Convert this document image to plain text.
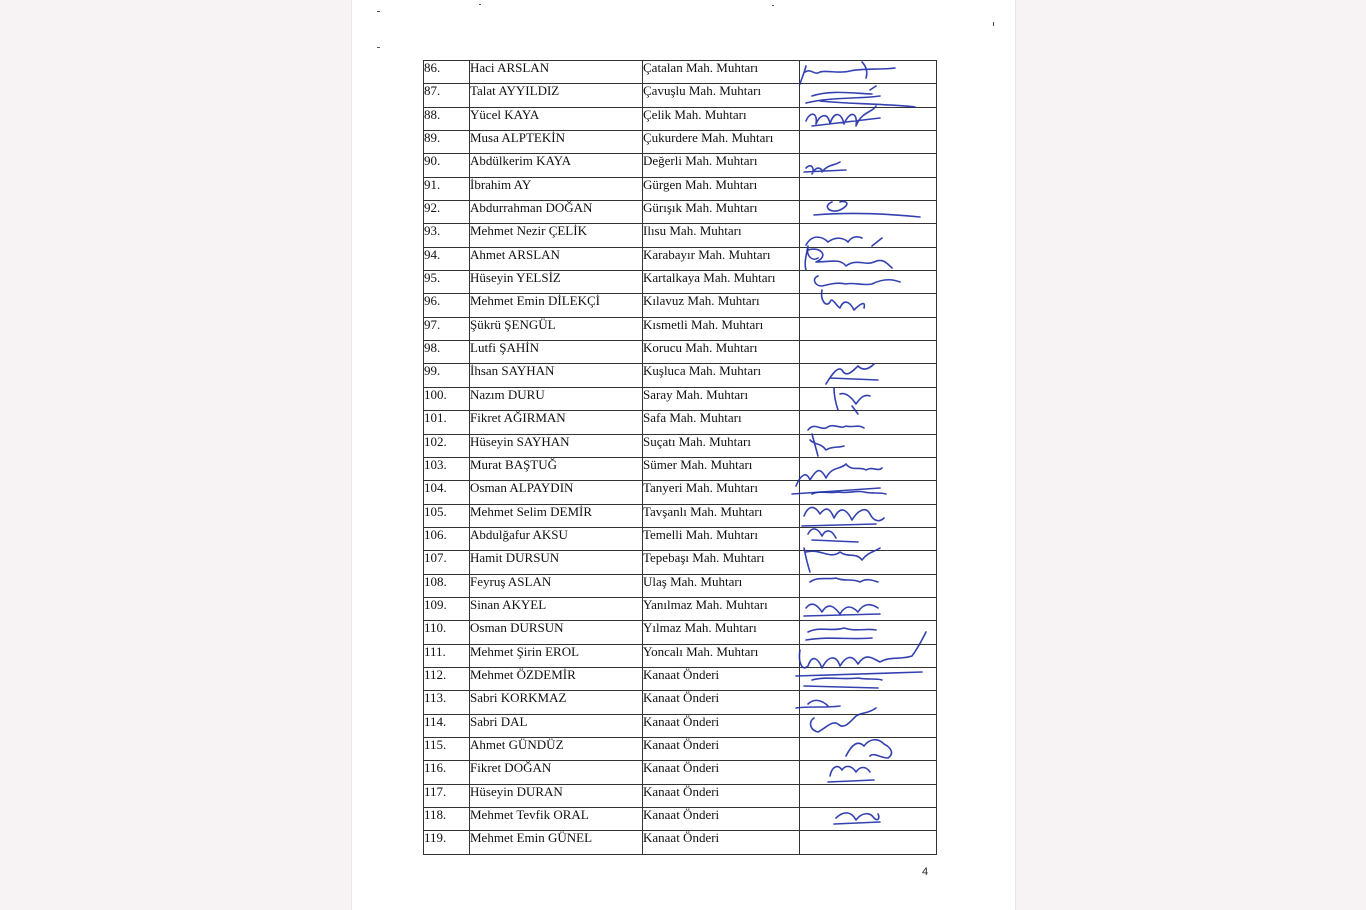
86.	Haci ARSLAN	Çatalan Mah. Muhtarı	
87.	Talat AYYILDIZ	Çavuşlu Mah. Muhtarı	
88.	Yücel KAYA	Çelik Mah. Muhtarı	
89.	Musa ALPTEKİN	Çukurdere Mah. Muhtarı	
90.	Abdülkerim KAYA	Değerli Mah. Muhtarı	
91.	İbrahim AY	Gürgen Mah. Muhtarı	
92.	Abdurrahman DOĞAN	Gürışık Mah. Muhtarı	
93.	Mehmet Nezir ÇELİK	Ilısu Mah. Muhtarı	
94.	Ahmet ARSLAN	Karabayır Mah. Muhtarı	
95.	Hüseyin YELSİZ	Kartalkaya Mah. Muhtarı	
96.	Mehmet Emin DİLEKÇİ	Kılavuz Mah. Muhtarı	
97.	Şükrü ŞENGÜL	Kısmetli Mah. Muhtarı	
98.	Lutfi ŞAHİN	Korucu Mah. Muhtarı	
99.	İhsan SAYHAN	Kuşluca Mah. Muhtarı	
100.	Nazım DURU	Saray Mah. Muhtarı	
101.	Fikret AĞIRMAN	Safa Mah. Muhtarı	
102.	Hüseyin SAYHAN	Suçatı Mah. Muhtarı	
103.	Murat BAŞTUĞ	Sümer Mah. Muhtarı	
104.	Osman ALPAYDIN	Tanyeri Mah. Muhtarı	
105.	Mehmet Selim DEMİR	Tavşanlı Mah. Muhtarı	
106.	Abdulğafur AKSU	Temelli Mah. Muhtarı	
107.	Hamit DURSUN	Tepebaşı Mah. Muhtarı	
108.	Feyruş ASLAN	Ulaş Mah. Muhtarı	
109.	Sinan AKYEL	Yanılmaz Mah. Muhtarı	
110.	Osman DURSUN	Yılmaz Mah. Muhtarı	
111.	Mehmet Şirin EROL	Yoncalı Mah. Muhtarı	
112.	Mehmet ÖZDEMİR	Kanaat Önderi	
113.	Sabri KORKMAZ	Kanaat Önderi	
114.	Sabri DAL	Kanaat Önderi	
115.	Ahmet GÜNDÜZ	Kanaat Önderi	
116.	Fikret DOĞAN	Kanaat Önderi	
117.	Hüseyin DURAN	Kanaat Önderi	
118.	Mehmet Tevfik ORAL	Kanaat Önderi	
119.	Mehmet Emin GÜNEL	Kanaat Önderi	
4
